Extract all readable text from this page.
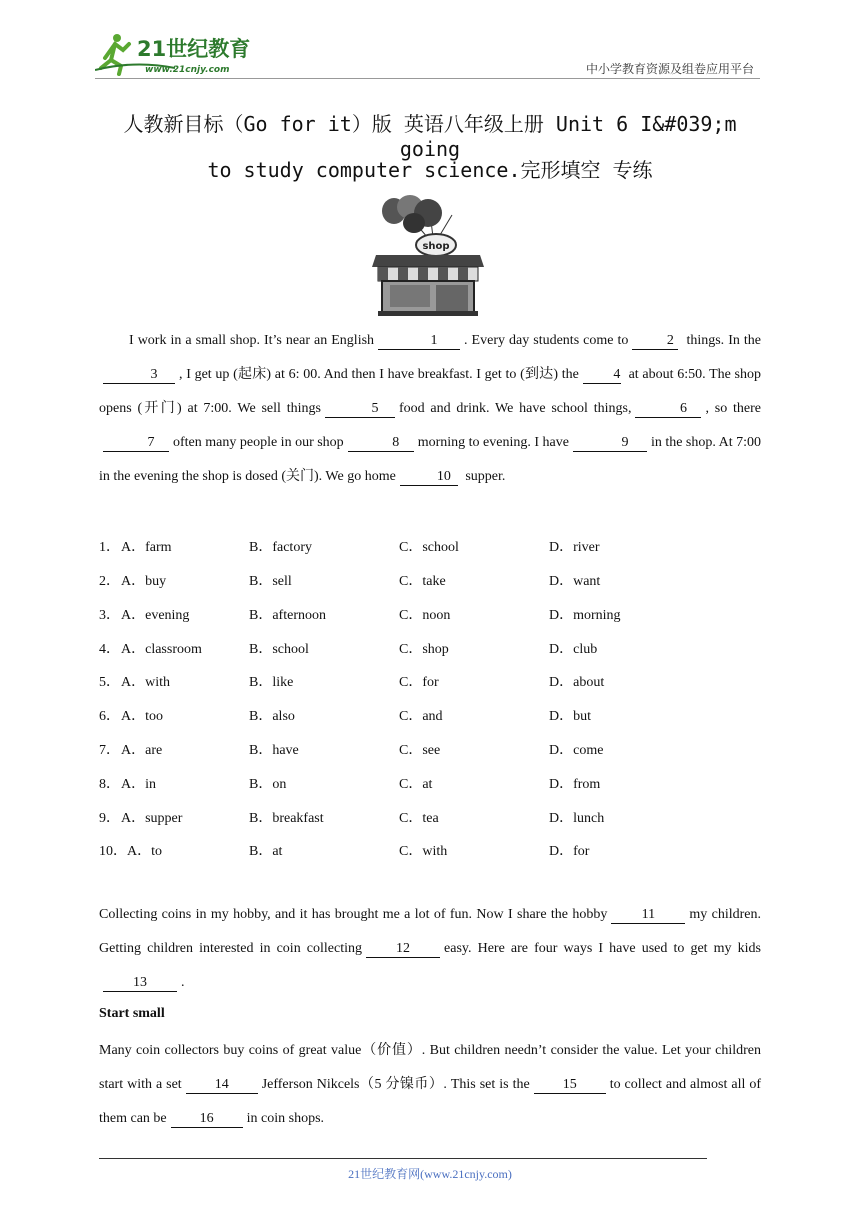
21世纪教育
www.21cnjy.com	中小学教育资源及组卷应用平台
人教新目标（Go for it）版 英语八年级上册 Unit 6 I&#039;m going
to study computer science.完形填空 专练
shop
I work in a small shop. It’s near an English	1 . Every day students come to	2 things. In the3 , I get up (起床) at 6: 00. And then I have breakfast. I get to (到达) the 4 at about 6:50. The shop opens (开门) at 7:00. We sell things	5 food and drink. We have school things,	6 , so there7 often many people in our shop	8 morning to evening. I have	9 in the shop. At 7:00 in the evening the shop is dosed (关门). We go home	10 supper.
1． A．farm	B．factory	C．school	D．river
2． A．buy	B．sell	C．take	D．want
3． A．evening	B．afternoon	C．noon	D．morning
4． A．classroom	B．school	C．shop	D．club
5． A．with	B．like	C．for	D．about
6． A．too	B．also	C．and	D．but
7． A．are	B．have	C．see	D．come
8． A．in	B．on	C．at	D．from
9． A．supper	B．breakfast	C．tea	D．lunch
10． A．to	B．at	C．with	D．for
Collecting coins in my hobby, and it has brought me a lot of fun. Now I share the hobby 11 my children. Getting children interested in coin collecting 12 easy. Here are four ways I have used to get my kids13 .
Start small
Many coin collectors buy coins of great value（价值）. But children needn’t consider the value. Let your children start with a set 14 Jefferson Nikcels（5 分镍币）. This set is the 15 to collect and almost all of them can be 16 in coin shops.
21世纪教育网(www.21cnjy.com)
